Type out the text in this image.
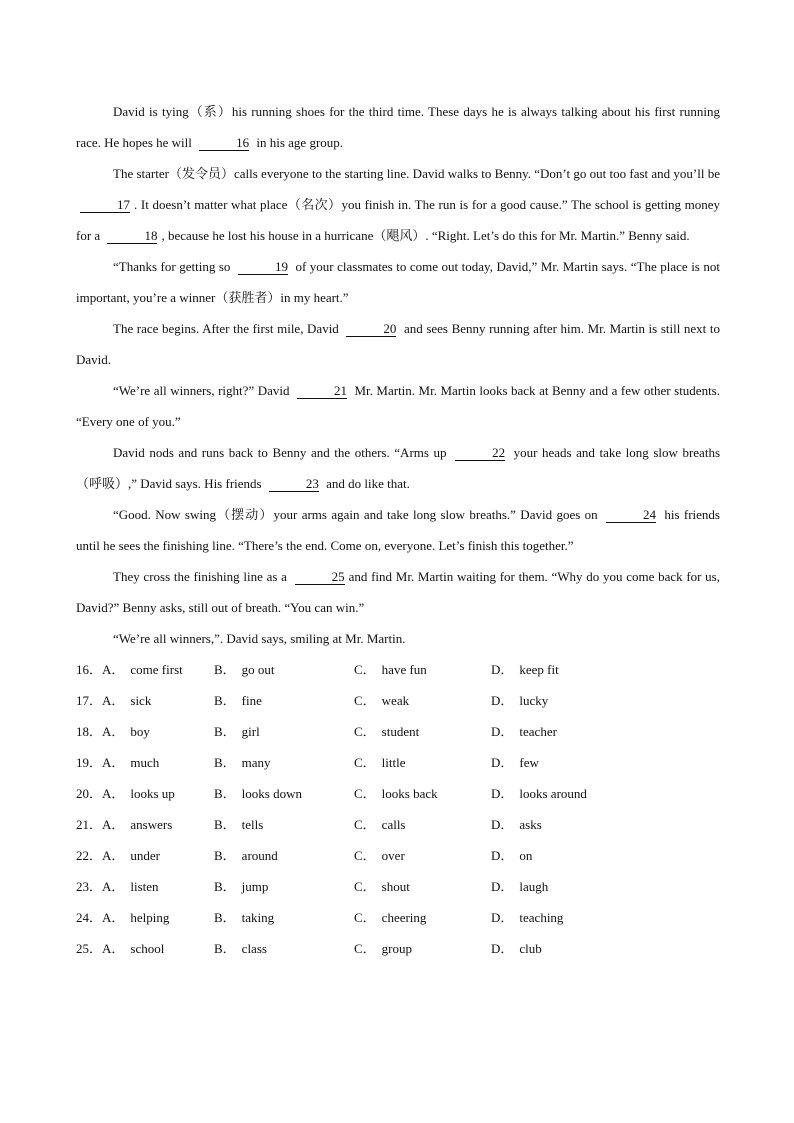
David is tying（系）his running shoes for the third time. These days he is always talking about his first running race. He hopes he will	16 in his age group.

The starter（发令员）calls everyone to the starting line. David walks to Benny. “Don’t go out too fast and you’ll be 17 . It doesn’t matter what place（名次）you finish in. The run is for a good cause.” The school is getting money for a	18 , because he lost his house in a hurricane（飓风）. “Right. Let’s do this for Mr. Martin.” Benny said.

“Thanks for getting so	19 of your classmates to come out today, David,” Mr. Martin says. “The place is not important, you’re a winner（获胜者）in my heart.”

The race begins. After the first mile, David	20 and sees Benny running after him. Mr. Martin is still next to David.

“We’re all winners, right?” David	21 Mr. Martin. Mr. Martin looks back at Benny and a few other students. “Every one of you.”

David nods and runs back to Benny and the others. “Arms up	22 your heads and take long slow breaths（呼吸）,” David says. His friends	23 and do like that.

“Good. Now swing（摆动）your arms again and take long slow breaths.” David goes on	24 his friends until he sees the finishing line. “There’s the end. Come on, everyone. Let’s finish this together.”

They cross the finishing line as a	25 and find Mr. Martin waiting for them. “Why do you come back for us, David?” Benny asks, still out of breath. “You can win.”

“We’re all winners,”. David says, smiling at Mr. Martin.

16． A． come first	B． go out	C． have fun	D． keep fit
17． A． sick	B． fine	C． weak	D． lucky
18． A． boy	B． girl	C． student	D． teacher
19． A． much	B． many	C． little	D． few
20． A． looks up	B． looks down	C． looks back	D． looks around
21． A． answers	B． tells	C． calls	D． asks
22． A． under	B． around	C． over	D． on
23． A． listen	B． jump	C． shout	D． laugh
24． A． helping	B． taking	C． cheering	D． teaching
25． A． school	B． class	C． group	D． club
